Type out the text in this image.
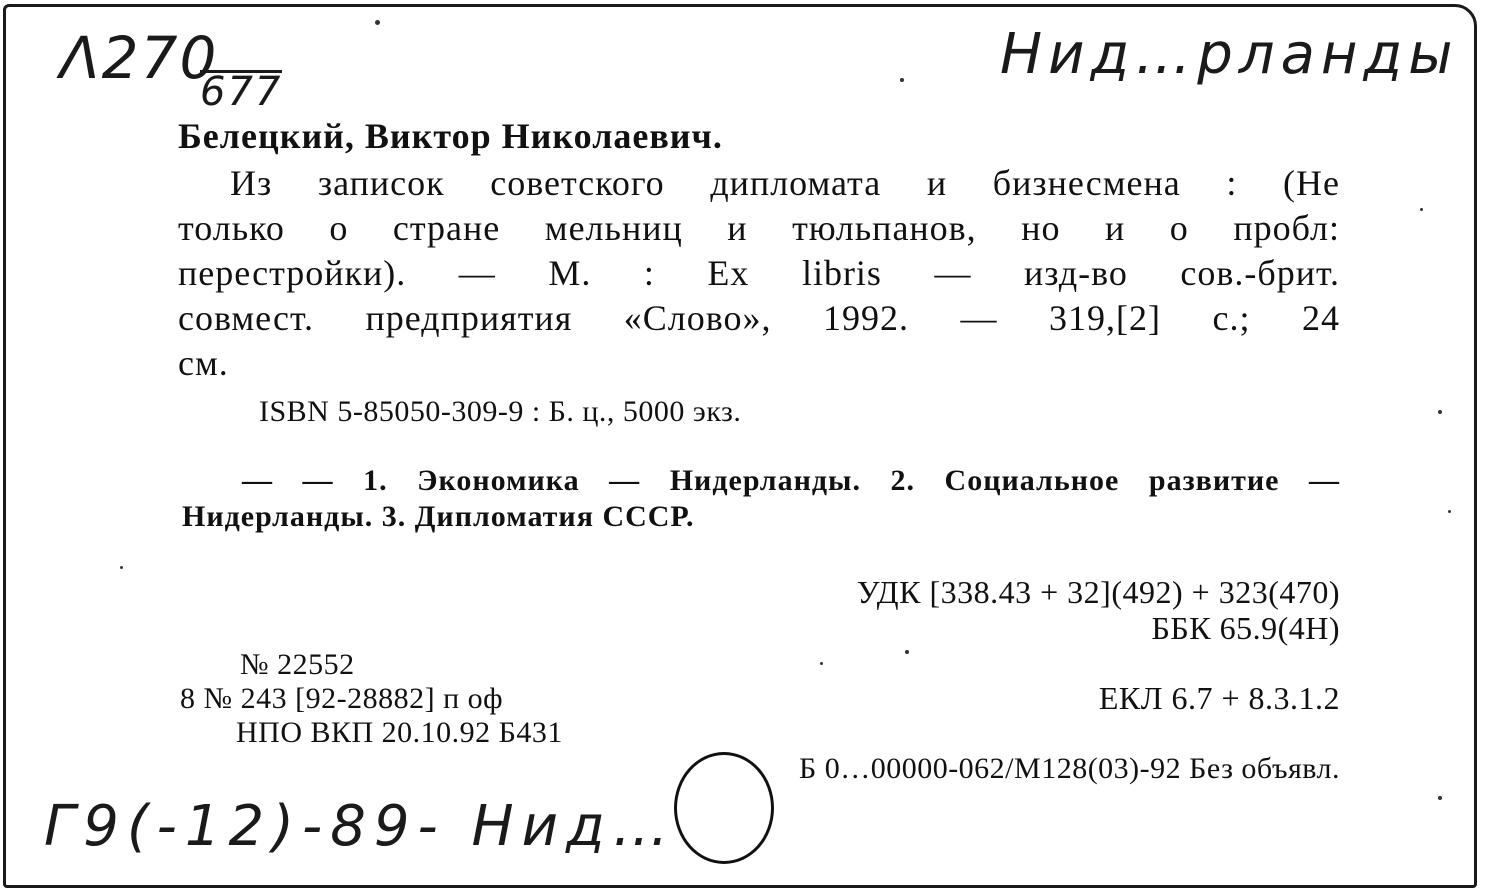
Λ270
677
Нид…рланды
Белецкий, Виктор Николаевич.
Из записок советского дипломата и бизнесмена : (Не
только о стране мельниц и тюльпанов, но и о пробл:
перестройки). — М. : Ex libris — изд-во сов.-брит.
совмест. предприятия «Слово», 1992. — 319,[2] с.; 24
см.
ISBN 5-85050-309-9 : Б. ц., 5000 экз.
— — 1. Экономика — Нидерланды. 2. Социальное развитие —
Нидерланды. 3. Дипломатия СССР.
УДК [338.43 + 32](492) + 323(470)
ББК 65.9(4Н)
№ 22552
8 № 243 [92-28882] п оф
НПО ВКП 20.10.92 Б431
ЕКЛ 6.7 + 8.3.1.2
Б 0…00000-062/М128(03)-92 Без объявл.
Г9(-12)-89- Нид…
